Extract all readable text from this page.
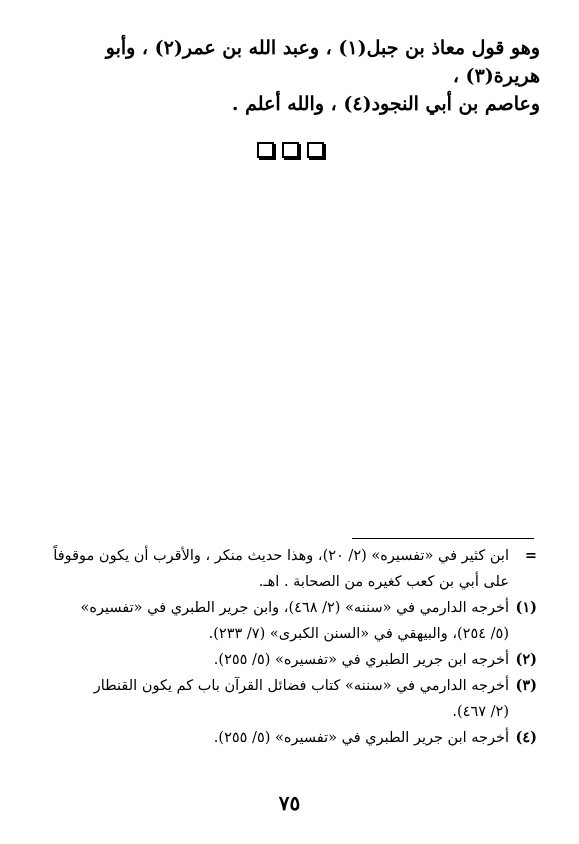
وهو قول معاذ بن جبل(١) ، وعبد الله بن عمر(٢) ، وأبو هريرة(٣) ،

وعاصم بن أبي النجود(٤) ، والله أعلم .

=
ابن كثير في «تفسيره» (٢/ ٢٠)، وهذا حديث منكر ، والأقرب أن يكون موقوفاً
على أبي بن كعب كغيره من الصحابة . اهـ.
(١)
أخرجه الدارمي في «سننه» (٢/ ٤٦٨)، وابن جرير الطبري في «تفسيره»
(٥/ ٢٥٤)، والبيهقي في «السنن الكبرى» (٧/ ٢٣٣).
(٢)
أخرجه ابن جرير الطبري في «تفسيره» (٥/ ٢٥٥).
(٣)
أخرجه الدارمي في «سننه» كتاب فضائل القرآن باب كم يكون القنطار
(٢/ ٤٦٧).
(٤)
أخرجه ابن جرير الطبري في «تفسيره» (٥/ ٢٥٥).
٧٥
